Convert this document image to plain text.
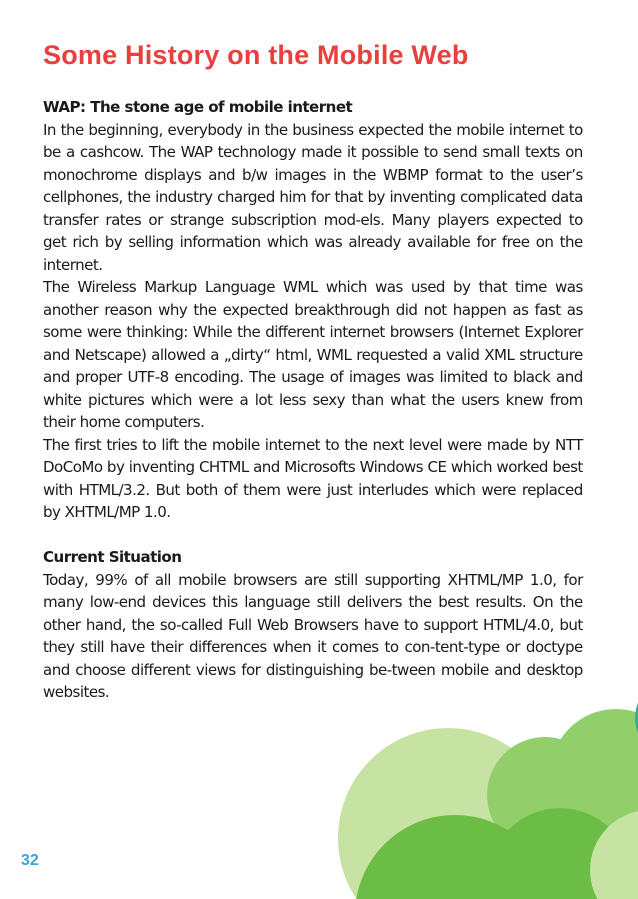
Some History on the Mobile Web

WAP: The stone age of mobile internet

In the beginning, everybody in the business expected the mobile internet to be a cashcow. The WAP technology made it possible to send small texts on monochrome displays and b/w images in the WBMP format to the user’s cellphones, the industry charged him for that by inventing complicated data transfer rates or strange subscription mod-els. Many players expected to get rich by selling information which was already available for free on the internet.

The Wireless Markup Language WML which was used by that time was another reason why the expected breakthrough did not happen as fast as some were thinking: While the different internet browsers (Internet Explorer and Netscape) allowed a „dirty“ html, WML requested a valid XML structure and proper UTF-8 encoding. The usage of images was limited to black and white pictures which were a lot less sexy than what the users knew from their home computers.

The first tries to lift the mobile internet to the next level were made by NTT DoCoMo by inventing CHTML and Microsofts Windows CE which worked best with HTML/3.2. But both of them were just interludes which were replaced by XHTML/MP 1.0.

Current Situation

Today, 99% of all mobile browsers are still supporting XHTML/MP 1.0, for many low-end devices this language still delivers the best results. On the other hand, the so-called Full Web Browsers have to support HTML/4.0, but they still have their differences when it comes to con-tent-type or doctype and choose different views for distinguishing be-tween mobile and desktop websites.

32
